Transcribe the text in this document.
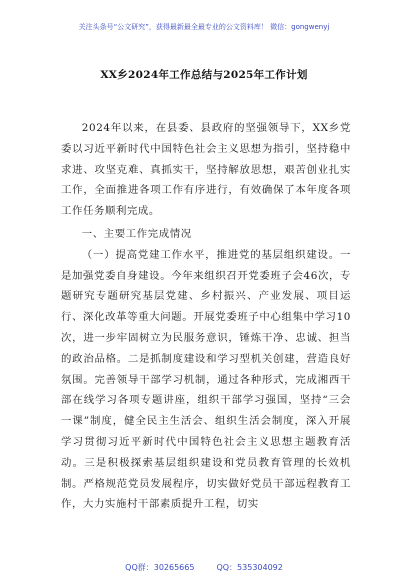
关注头条号“公文研究”，获得最新最全最专业的公文资料库！ 微信：gongwenyj
XX乡2024年工作总结与2025年工作计划

2024年以来，在县委、县政府的坚强领导下，XX乡党委以习近平新时代中国特色社会主义思想为指引，坚持稳中求进、攻坚克难、真抓实干，坚持解放思想，艰苦创业扎实工作，全面推进各项工作有序进行，有效确保了本年度各项工作任务顺利完成。

一、主要工作完成情况

（一）提高党建工作水平，推进党的基层组织建设。一是加强党委自身建设。今年来组织召开党委班子会46次，专题研究专题研究基层党建、乡村振兴、产业发展、项目运行、深化改革等重大问题。开展党委班子中心组集中学习10次，进一步牢固树立为民服务意识，锤炼干净、忠诚、担当的政治品格。二是抓制度建设和学习型机关创建，营造良好氛围。完善领导干部学习机制，通过各种形式，完成湘西干部在线学习各项专题讲座，组织干部学习强国，坚持“三会一课”制度，健全民主生活会、组织生活会制度，深入开展学习贯彻习近平新时代中国特色社会主义思想主题教育活动。三是积极探索基层组织建设和党员教育管理的长效机制。严格规范党员发展程序，切实做好党员干部远程教育工作，大力实施村干部素质提升工程，切实

QQ群：30265665	QQ：535304092
